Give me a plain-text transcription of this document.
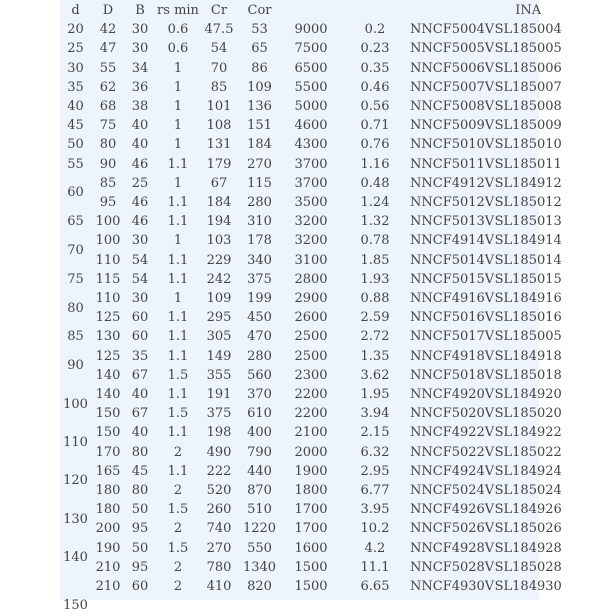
d	D	B	rs min	Cr	Cor				INA
20	42	30	0.6	47.5	53	9000	0.2	NNCF5004V	SL185004
25	47	30	0.6	54	65	7500	0.23	NNCF5005V	SL185005
30	55	34	1	70	86	6500	0.35	NNCF5006V	SL185006
35	62	36	1	85	109	5500	0.46	NNCF5007V	SL185007
40	68	38	1	101	136	5000	0.56	NNCF5008V	SL185008
45	75	40	1	108	151	4600	0.71	NNCF5009V	SL185009
50	80	40	1	131	184	4300	0.76	NNCF5010V	SL185010
55	90	46	1.1	179	270	3700	1.16	NNCF5011V	SL185011
60	85	25	1	67	115	3700	0.48	NNCF4912V	SL184912
	95	46	1.1	184	280	3500	1.24	NNCF5012V	SL185012
65	100	46	1.1	194	310	3200	1.32	NNCF5013V	SL185013
70	100	30	1	103	178	3200	0.78	NNCF4914V	SL184914
	110	54	1.1	229	340	3100	1.85	NNCF5014V	SL185014
75	115	54	1.1	242	375	2800	1.93	NNCF5015V	SL185015
80	110	30	1	109	199	2900	0.88	NNCF4916V	SL184916
	125	60	1.1	295	450	2600	2.59	NNCF5016V	SL185016
85	130	60	1.1	305	470	2500	2.72	NNCF5017V	SL185005
90	125	35	1.1	149	280	2500	1.35	NNCF4918V	SL184918
	140	67	1.5	355	560	2300	3.62	NNCF5018V	SL185018
100	140	40	1.1	191	370	2200	1.95	NNCF4920V	SL184920
	150	67	1.5	375	610	2200	3.94	NNCF5020V	SL185020
110	150	40	1.1	198	400	2100	2.15	NNCF4922V	SL184922
	170	80	2	490	790	2000	6.32	NNCF5022V	SL185022
120	165	45	1.1	222	440	1900	2.95	NNCF4924V	SL184924
	180	80	2	520	870	1800	6.77	NNCF5024V	SL185024
130	180	50	1.5	260	510	1700	3.95	NNCF4926V	SL184926
	200	95	2	740	1220	1700	10.2	NNCF5026V	SL185026
140	190	50	1.5	270	550	1600	4.2	NNCF4928V	SL184928
	210	95	2	780	1340	1500	11.1	NNCF5028V	SL185028
150	210	60	2	410	820	1500	6.65	NNCF4930V	SL184930
